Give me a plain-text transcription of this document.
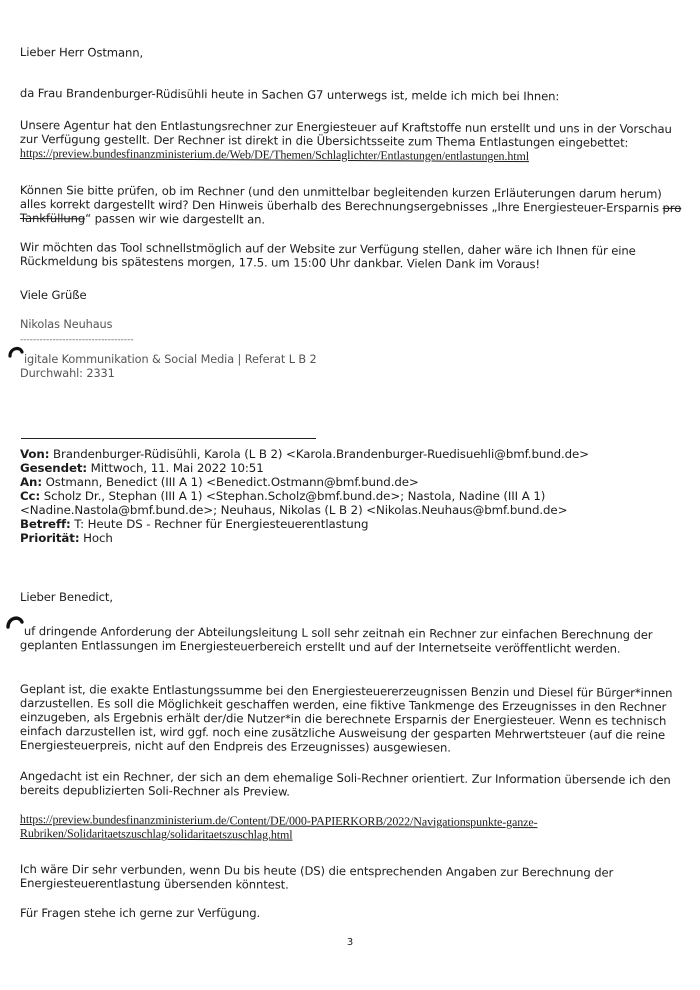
Lieber Herr Ostmann,
da Frau Brandenburger-Rüdisühli heute in Sachen G7 unterwegs ist, melde ich mich bei Ihnen:
Unsere Agentur hat den Entlastungsrechner zur Energiesteuer auf Kraftstoffe nun erstellt und uns in der Vorschau
zur Verfügung gestellt. Der Rechner ist direkt in die Übersichtsseite zum Thema Entlastungen eingebettet:
https://preview.bundesfinanzministerium.de/Web/DE/Themen/Schlaglichter/Entlastungen/entlastungen.html
Können Sie bitte prüfen, ob im Rechner (und den unmittelbar begleitenden kurzen Erläuterungen darum herum)
alles korrekt dargestellt wird? Den Hinweis überhalb des Berechnungsergebnisses „Ihre Energiesteuer-Ersparnis pro
Tankfüllung“ passen wir wie dargestellt an.
Wir möchten das Tool schnellstmöglich auf der Website zur Verfügung stellen, daher wäre ich Ihnen für eine
Rückmeldung bis spätestens morgen, 17.5. um 15:00 Uhr dankbar. Vielen Dank im Voraus!
Viele Grüße
Nikolas Neuhaus
-----------------------------------
igitale Kommunikation & Social Media | Referat L B 2
Durchwahl: 2331
Von: Brandenburger-Rüdisühli, Karola (L B 2) <Karola.Brandenburger-Ruedisuehli@bmf.bund.de>
Gesendet: Mittwoch, 11. Mai 2022 10:51
An: Ostmann, Benedict (III A 1) <Benedict.Ostmann@bmf.bund.de>
Cc: Scholz Dr., Stephan (III A 1) <Stephan.Scholz@bmf.bund.de>; Nastola, Nadine (III A 1)
<Nadine.Nastola@bmf.bund.de>; Neuhaus, Nikolas (L B 2) <Nikolas.Neuhaus@bmf.bund.de>
Betreff: T: Heute DS - Rechner für Energiesteuerentlastung
Priorität: Hoch
Lieber Benedict,
uf dringende Anforderung der Abteilungsleitung L soll sehr zeitnah ein Rechner zur einfachen Berechnung der
geplanten Entlassungen im Energiesteuerbereich erstellt und auf der Internetseite veröffentlicht werden.
Geplant ist, die exakte Entlastungssumme bei den Energiesteuererzeugnissen Benzin und Diesel für Bürger*innen
darzustellen. Es soll die Möglichkeit geschaffen werden, eine fiktive Tankmenge des Erzeugnisses in den Rechner
einzugeben, als Ergebnis erhält der/die Nutzer*in die berechnete Ersparnis der Energiesteuer. Wenn es technisch
einfach darzustellen ist, wird ggf. noch eine zusätzliche Ausweisung der gesparten Mehrwertsteuer (auf die reine
Energiesteuerpreis, nicht auf den Endpreis des Erzeugnisses) ausgewiesen.
Angedacht ist ein Rechner, der sich an dem ehemalige Soli-Rechner orientiert. Zur Information übersende ich den
bereits depublizierten Soli-Rechner als Preview.
https://preview.bundesfinanzministerium.de/Content/DE/000-PAPIERKORB/2022/Navigationspunkte-ganze-
Rubriken/Solidaritaetszuschlag/solidaritaetszuschlag.html
Ich wäre Dir sehr verbunden, wenn Du bis heute (DS) die entsprechenden Angaben zur Berechnung der
Energiesteuerentlastung übersenden könntest.
Für Fragen stehe ich gerne zur Verfügung.
3
